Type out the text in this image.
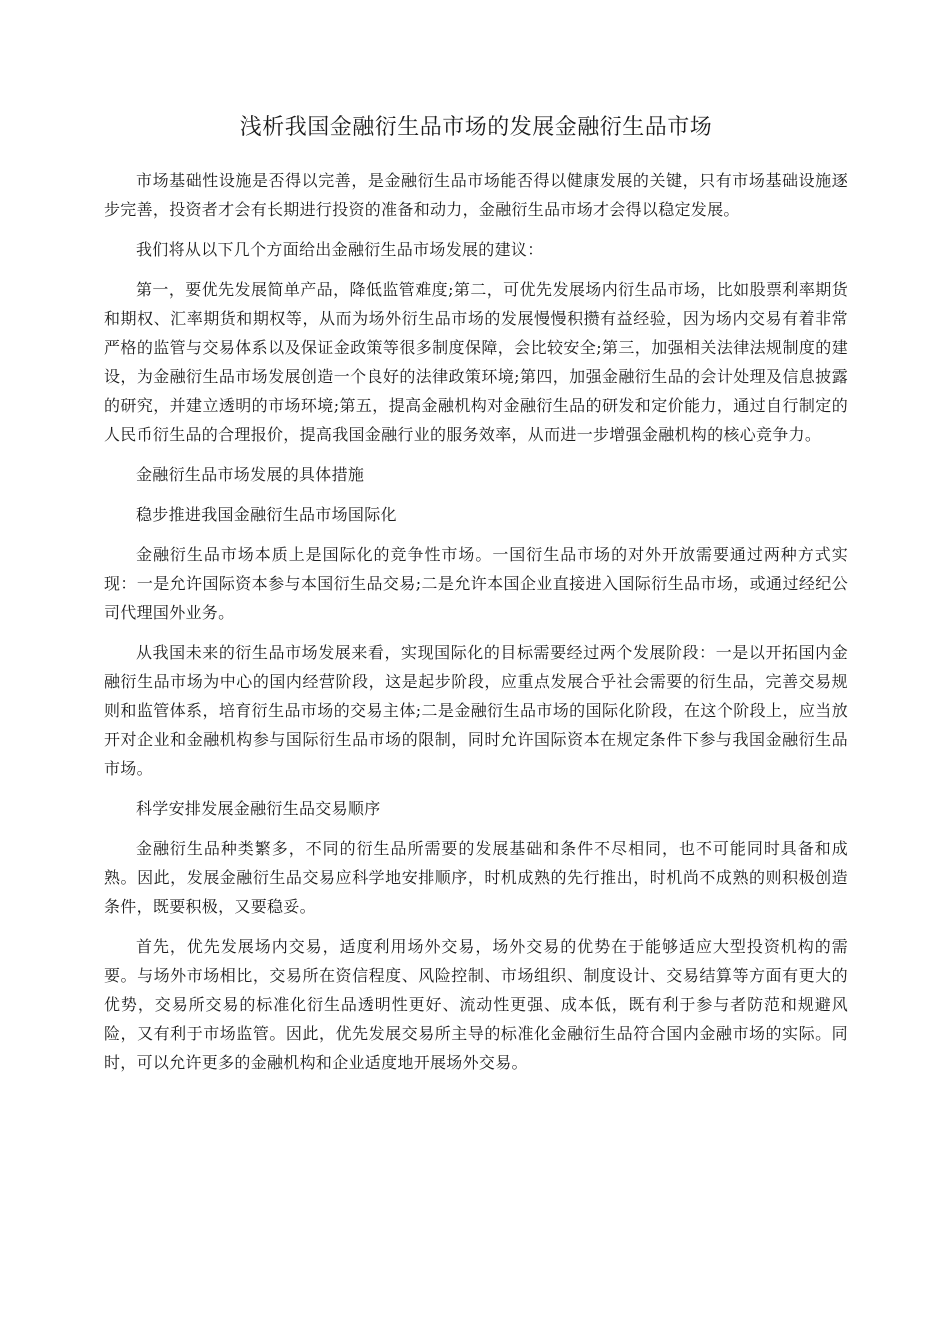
浅析我国金融衍生品市场的发展金融衍生品市场

市场基础性设施是否得以完善，是金融衍生品市场能否得以健康发展的关键，只有市场基础设施逐步完善，投资者才会有长期进行投资的准备和动力，金融衍生品市场才会得以稳定发展。

我们将从以下几个方面给出金融衍生品市场发展的建议：

第一，要优先发展简单产品，降低监管难度;第二，可优先发展场内衍生品市场，比如股票利率期货和期权、汇率期货和期权等，从而为场外衍生品市场的发展慢慢积攒有益经验，因为场内交易有着非常严格的监管与交易体系以及保证金政策等很多制度保障，会比较安全;第三，加强相关法律法规制度的建设，为金融衍生品市场发展创造一个良好的法律政策环境;第四，加强金融衍生品的会计处理及信息披露的研究，并建立透明的市场环境;第五，提高金融机构对金融衍生品的研发和定价能力，通过自行制定的人民币衍生品的合理报价，提高我国金融行业的服务效率，从而进一步增强金融机构的核心竞争力。

金融衍生品市场发展的具体措施

稳步推进我国金融衍生品市场国际化

金融衍生品市场本质上是国际化的竞争性市场。一国衍生品市场的对外开放需要通过两种方式实现：一是允许国际资本参与本国衍生品交易;二是允许本国企业直接进入国际衍生品市场，或通过经纪公司代理国外业务。

从我国未来的衍生品市场发展来看，实现国际化的目标需要经过两个发展阶段：一是以开拓国内金融衍生品市场为中心的国内经营阶段，这是起步阶段，应重点发展合乎社会需要的衍生品，完善交易规则和监管体系，培育衍生品市场的交易主体;二是金融衍生品市场的国际化阶段，在这个阶段上，应当放开对企业和金融机构参与国际衍生品市场的限制，同时允许国际资本在规定条件下参与我国金融衍生品市场。

科学安排发展金融衍生品交易顺序

金融衍生品种类繁多，不同的衍生品所需要的发展基础和条件不尽相同，也不可能同时具备和成熟。因此，发展金融衍生品交易应科学地安排顺序，时机成熟的先行推出，时机尚不成熟的则积极创造条件，既要积极，又要稳妥。

首先，优先发展场内交易，适度利用场外交易，场外交易的优势在于能够适应大型投资机构的需要。与场外市场相比，交易所在资信程度、风险控制、市场组织、制度设计、交易结算等方面有更大的优势，交易所交易的标准化衍生品透明性更好、流动性更强、成本低，既有利于参与者防范和规避风险，又有利于市场监管。因此，优先发展交易所主导的标准化金融衍生品符合国内金融市场的实际。同时，可以允许更多的金融机构和企业适度地开展场外交易。
